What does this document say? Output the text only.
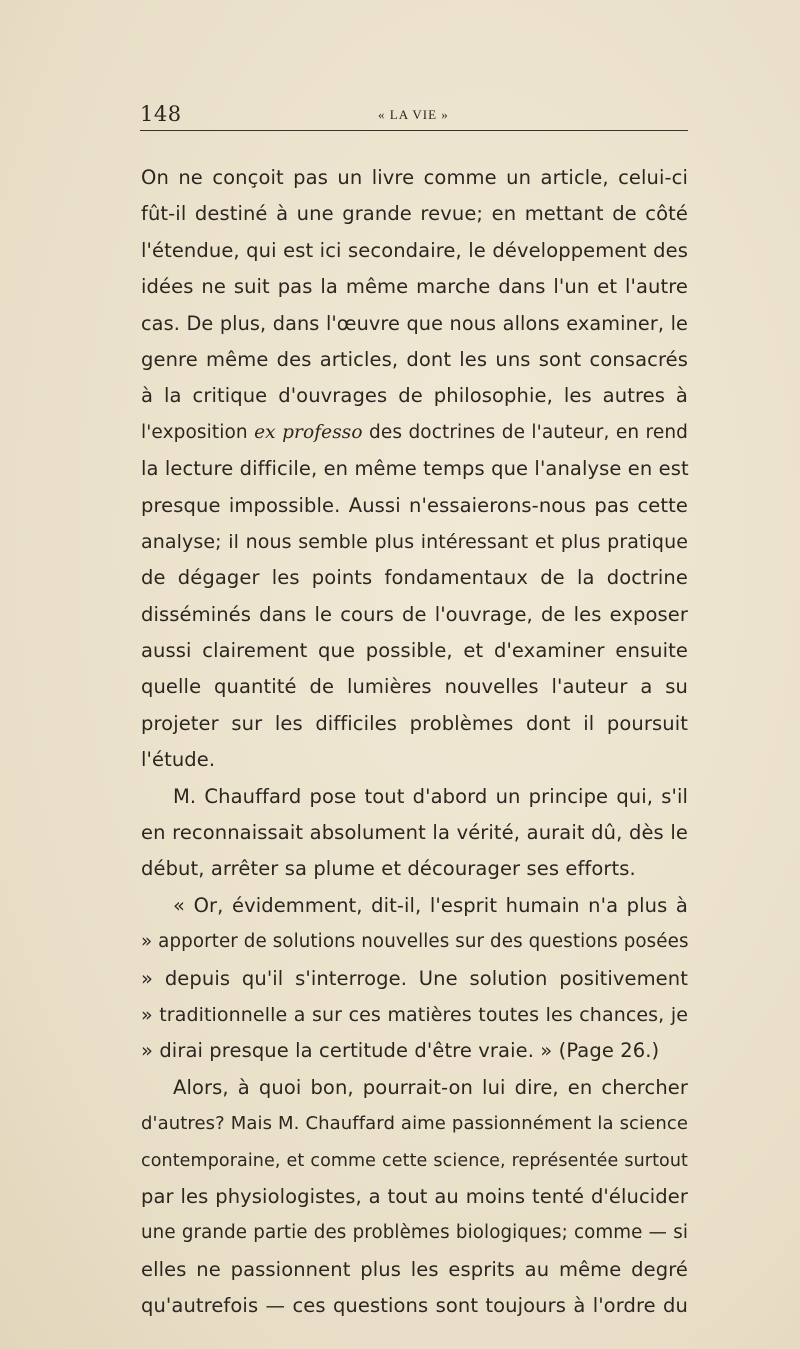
148	« LA VIE »
On ne conçoit pas un livre comme un article, celui-ci
fût-il destiné à une grande revue; en mettant de côté
l'étendue, qui est ici secondaire, le développement des
idées ne suit pas la même marche dans l'un et l'autre
cas. De plus, dans l'œuvre que nous allons examiner, le
genre même des articles, dont les uns sont consacrés
à la critique d'ouvrages de philosophie, les autres à
l'exposition ex professo des doctrines de l'auteur, en rend
la lecture difficile, en même temps que l'analyse en est
presque impossible. Aussi n'essaierons-nous pas cette
analyse; il nous semble plus intéressant et plus pratique
de dégager les points fondamentaux de la doctrine
disséminés dans le cours de l'ouvrage, de les exposer
aussi clairement que possible, et d'examiner ensuite
quelle quantité de lumières nouvelles l'auteur a su
projeter sur les difficiles problèmes dont il poursuit
l'étude.
M. Chauffard pose tout d'abord un principe qui, s'il
en reconnaissait absolument la vérité, aurait dû, dès le
début, arrêter sa plume et décourager ses efforts.
« Or, évidemment, dit-il, l'esprit humain n'a plus à
» apporter de solutions nouvelles sur des questions posées
» depuis qu'il s'interroge. Une solution positivement
» traditionnelle a sur ces matières toutes les chances, je
» dirai presque la certitude d'être vraie. » (Page 26.)
Alors, à quoi bon, pourrait-on lui dire, en chercher
d'autres? Mais M. Chauffard aime passionnément la science
contemporaine, et comme cette science, représentée surtout
par les physiologistes, a tout au moins tenté d'élucider
une grande partie des problèmes biologiques; comme — si
elles ne passionnent plus les esprits au même degré
qu'autrefois — ces questions sont toujours à l'ordre du
